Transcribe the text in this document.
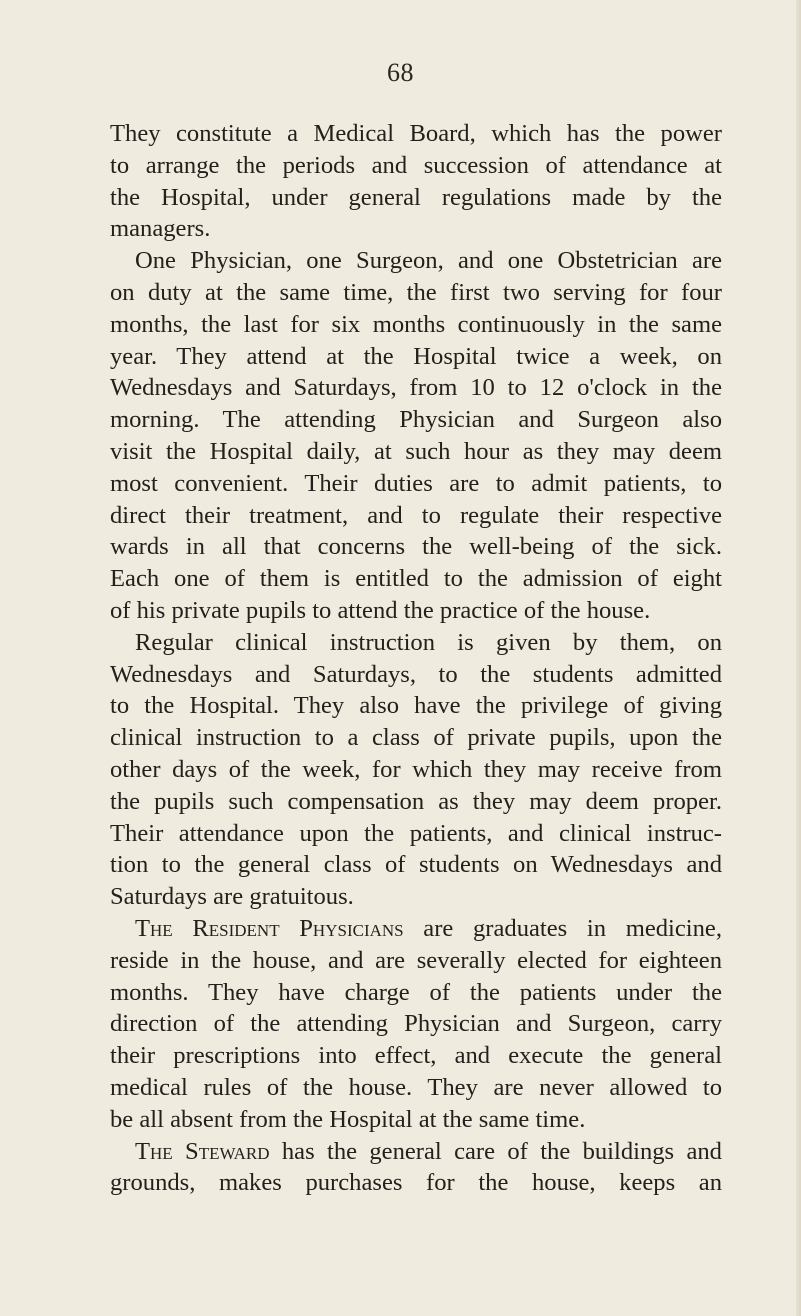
68
They constitute a Medical Board, which has the power
to arrange the periods and succession of attendance at
the Hospital, under general regulations made by the
managers.
One Physician, one Surgeon, and one Obstetrician are
on duty at the same time, the first two serving for four
months, the last for six months continuously in the same
year. They attend at the Hospital twice a week, on
Wednesdays and Saturdays, from 10 to 12 o'clock in the
morning. The attending Physician and Surgeon also
visit the Hospital daily, at such hour as they may deem
most convenient. Their duties are to admit patients, to
direct their treatment, and to regulate their respective
wards in all that concerns the well-being of the sick.
Each one of them is entitled to the admission of eight
of his private pupils to attend the practice of the house.
Regular clinical instruction is given by them, on
Wednesdays and Saturdays, to the students admitted
to the Hospital. They also have the privilege of giving
clinical instruction to a class of private pupils, upon the
other days of the week, for which they may receive from
the pupils such compensation as they may deem proper.
Their attendance upon the patients, and clinical instruc-
tion to the general class of students on Wednesdays and
Saturdays are gratuitous.
The Resident Physicians are graduates in medicine,
reside in the house, and are severally elected for eighteen
months. They have charge of the patients under the
direction of the attending Physician and Surgeon, carry
their prescriptions into effect, and execute the general
medical rules of the house. They are never allowed to
be all absent from the Hospital at the same time.
The Steward has the general care of the buildings and
grounds, makes purchases for the house, keeps an
